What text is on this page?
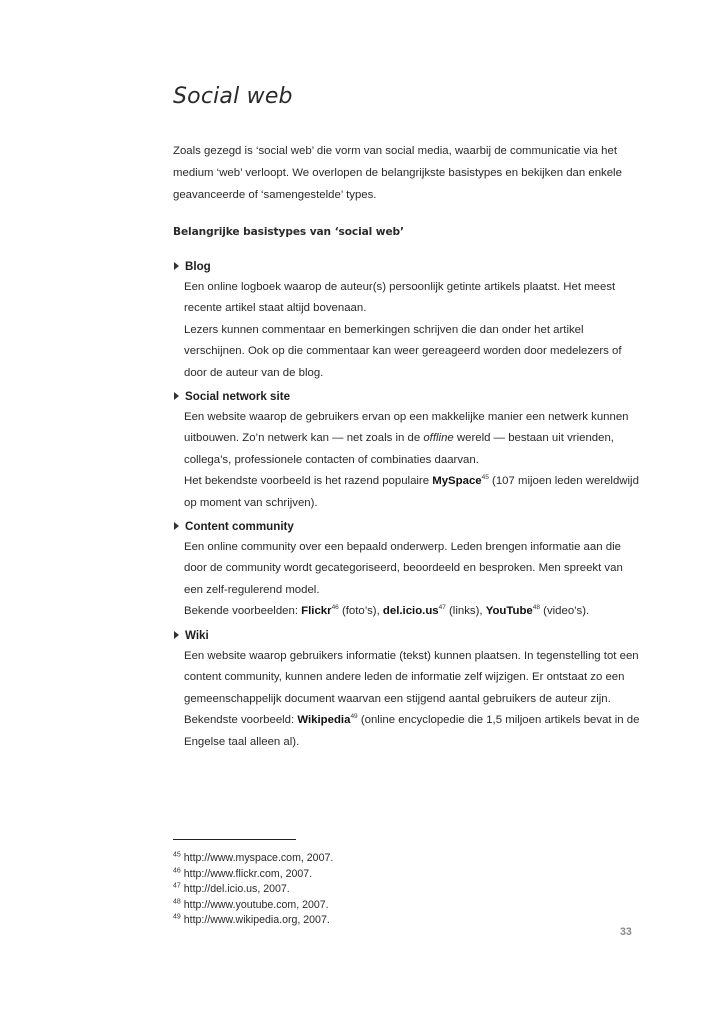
Social web

Zoals gezegd is ‘social web’ die vorm van social media, waarbij de communicatie via het

medium ‘web’ verloopt. We overlopen de belangrijkste basistypes en bekijken dan enkele

geavanceerde of ‘samengestelde’ types.

Belangrijke basistypes van ‘social web’
Blog
Een online logboek waarop de auteur(s) persoonlijk getinte artikels plaatst. Het meest
recente artikel staat altijd bovenaan.
Lezers kunnen commentaar en bemerkingen schrijven die dan onder het artikel
verschijnen. Ook op die commentaar kan weer gereageerd worden door medelezers of
door de auteur van de blog.
Social network site
Een website waarop de gebruikers ervan op een makkelijke manier een netwerk kunnen
uitbouwen. Zo’n netwerk kan — net zoals in de offline wereld — bestaan uit vrienden,
collega’s, professionele contacten of combinaties daarvan.
Het bekendste voorbeeld is het razend populaire MySpace$^{45}$ (107 mijoen leden wereldwijd
op moment van schrijven).
Content community
Een online community over een bepaald onderwerp. Leden brengen informatie aan die
door de community wordt gecategoriseerd, beoordeeld en besproken. Men spreekt van
een zelf-regulerend model.
Bekende voorbeelden: Flickr$^{46}$ (foto’s), $del.icio.us^{47}$ (links), YouTube$^{48}$ (video’s).
Wiki
Een website waarop gebruikers informatie (tekst) kunnen plaatsen. In tegenstelling tot een
content community, kunnen andere leden de informatie zelf wijzigen. Er ontstaat zo een
gemeenschappelijk document waarvan een stijgend aantal gebruikers de auteur zijn.
Bekendste voorbeeld: Wikipedia$^{49}$ (online encyclopedie die 1,5 miljoen artikels bevat in de
Engelse taal alleen al).
$^{45}$ http://www.myspace.com, 2007.
$^{46}$ http://www.flickr.com, 2007.
$^{47}$ http://del.icio.us, 2007.
$^{48}$ http://www.youtube.com, 2007.
$^{49}$ http://www.wikipedia.org, 2007.
33
